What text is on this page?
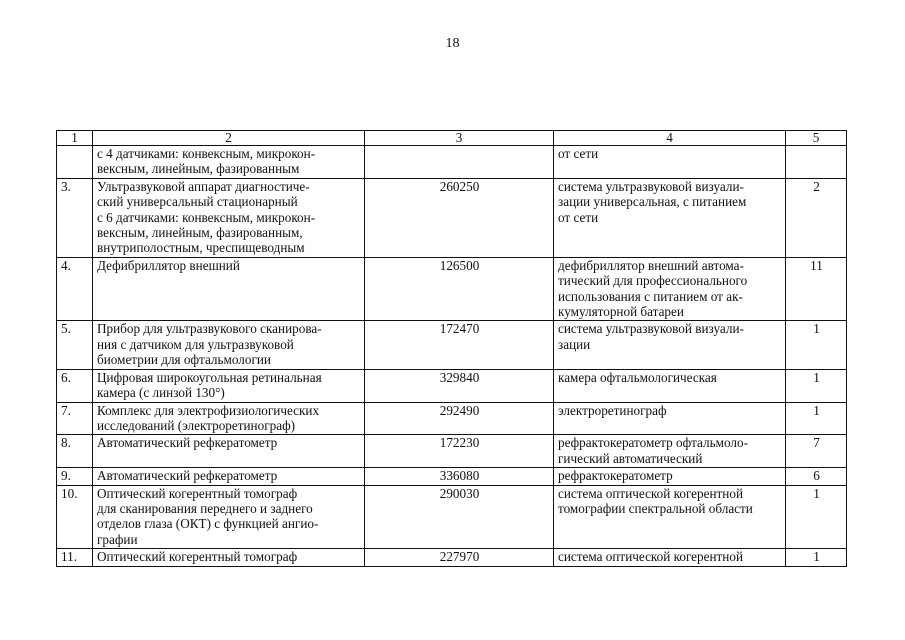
18
1	2	3	4	5

	с 4 датчиками: конвексным, микрокон-
вексным, линейным, фазированным		от сети	

3.	Ультразвуковой аппарат диагностиче-
ский универсальный стационарный
с 6 датчиками: конвексным, микрокон-
вексным, линейным, фазированным,
внутриполостным, чреспищеводным	260250	система ультразвуковой визуали-
зации универсальная, с питанием
от сети	2
4.	Дефибриллятор внешний	126500	дефибриллятор внешний автома-
тический для профессионального
использования с питанием от ак-
кумуляторной батареи	11
5.	Прибор для ультразвукового сканирова-
ния с датчиком для ультразвуковой
биометрии для офтальмологии	172470	система ультразвуковой визуали-
зации	1
6.	Цифровая широкоугольная ретинальная
камера (с линзой 130°)	329840	камера офтальмологическая	1
7.	Комплекс для электрофизиологических
исследований (электроретинограф)	292490	электроретинограф	1
8.	Автоматический рефкератометр	172230	рефрактокератометр офтальмоло-
гический автоматический	7
9.	Автоматический рефкератометр	336080	рефрактокератометр	6
10.	Оптический когерентный томограф
для сканирования переднего и заднего
отделов глаза (ОКТ) с функцией ангио-
графии	290030	система оптической когерентной
томографии спектральной области	1
11.	Оптический когерентный томограф	227970	система оптической когерентной	1
